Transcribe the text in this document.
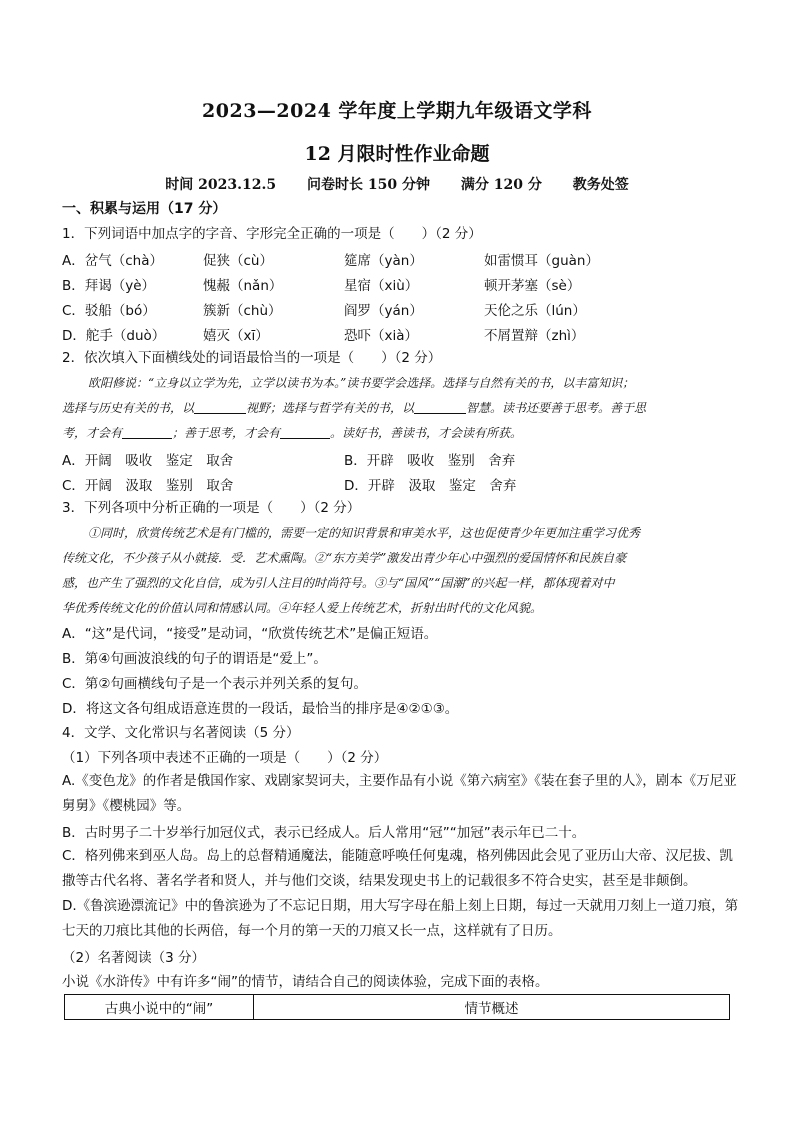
2023—2024 学年度上学期九年级语文学科
12 月限时性作业命题
时间 2023.12.5 问卷时长 150 分钟 满分 120 分 教务处签
一、积累与运用（17 分）
1．下列词语中加点字的字音、字形完全正确的一项是（　　）（2 分）
A．岔气（chà）	促狭（cù）	筵席（yàn）	如雷惯耳（guàn）
B．拜谒（yè）	愧赧（nǎn）	星宿（xiù）	顿开茅塞（sè）
C．驳船（bó）	簇新（chù）	阎罗（yán）	天伦之乐（lún）
D．舵手（duò）	嬉灭（xī）	恐吓（xià）	不屑置辩（zhì）
2．依次填入下面横线处的词语最恰当的一项是（　　）（2 分）
欧阳修说：“立身以立学为先，立学以读书为本。”读书要学会选择。选择与自然有关的书，以丰富知识；
选择与历史有关的书，以	视野；选择与哲学有关的书，以	智慧。读书还要善于思考。善于思
考，才会有	；善于思考，才会有	。读好书，善读书，才会读有所获。
A．开阔　吸收　鉴定　取舍	B．开辟　吸收　鉴别　舍弃
C．开阔　汲取　鉴别　取舍	D．开辟　汲取　鉴定　舍弃
3．下列各项中分析正确的一项是（　　）（2 分）
①同时，欣赏传统艺术是有门槛的，需要一定的知识背景和审美水平，这也促使青少年更加注重学习优秀
传统文化，不少孩子从小就接．受．艺术熏陶。②“东方美学”激发出青少年心中强烈的爱国情怀和民族自豪
感，也产生了强烈的文化自信，成为引人注目的时尚符号。③与“国风”“国潮”的兴起一样，都体现着对中
华优秀传统文化的价值认同和情感认同。④年轻人爱上传统艺术，折射出时代的文化风貌。
A．“这”是代词，“接受”是动词，“欣赏传统艺术”是偏正短语。
B．第④句画波浪线的句子的谓语是“爱上”。
C．第②句画横线句子是一个表示并列关系的复句。
D．将这文各句组成语意连贯的一段话，最恰当的排序是④②①③。
4．文学、文化常识与名著阅读（5 分）
（1）下列各项中表述不正确的一项是（　　）（2 分）
A.《变色龙》的作者是俄国作家、戏剧家契诃夫，主要作品有小说《第六病室》《装在套子里的人》，剧本《万尼亚舅舅》《樱桃园》等。
B．古时男子二十岁举行加冠仪式，表示已经成人。后人常用“冠”“加冠”表示年已二十。
C．格列佛来到巫人岛。岛上的总督精通魔法，能随意呼唤任何鬼魂，格列佛因此会见了亚历山大帝、汉尼拔、凯撒等古代名将、著名学者和贤人，并与他们交谈，结果发现史书上的记载很多不符合史实，甚至是非颠倒。
D.《鲁滨逊漂流记》中的鲁滨逊为了不忘记日期，用大写字母在船上刻上日期，每过一天就用刀刻上一道刀痕，第七天的刀痕比其他的长两倍，每一个月的第一天的刀痕又长一点，这样就有了日历。
（2）名著阅读（3 分）
小说《水浒传》中有许多“闹”的情节，请结合自己的阅读体验，完成下面的表格。
古典小说中的“闹”	情节概述
